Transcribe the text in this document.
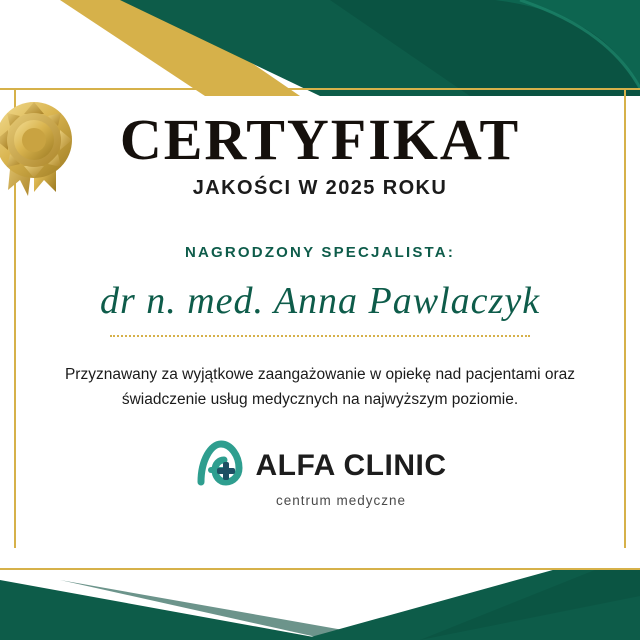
CERTYFIKAT
JAKOŚCI W 2025 ROKU
NAGRODZONY SPECJALISTA:
dr n. med. Anna Pawlaczyk

Przyznawany za wyjątkowe zaangażowanie w opiekę nad pacjentami oraz świadczenie usług medycznych na najwyższym poziomie.

ALFA CLINIC
centrum medyczne
